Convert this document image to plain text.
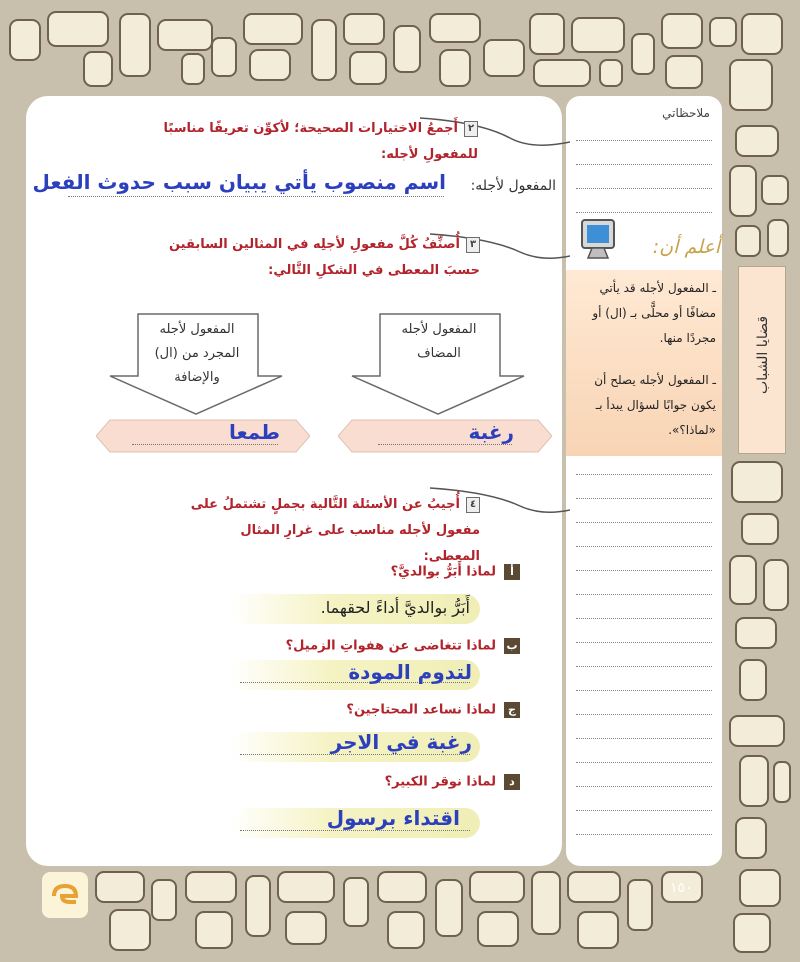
١٥٠
ملاحظاتي
أعلم أن:
ـ المفعول لأجله قد يأتي مضافًا أو محلًّى بـ (ال) أو مجردًا منها.
ـ المفعول لأجله يصلح أن يكون جوابًا لسؤال يبدأ بـ «لماذا؟».
قضايا الشباب
٢أَجمعُ الاختيارات الصحيحة؛ لأكوِّن تعريفًا مناسبًا للمفعولِ لأجله:
المفعول لأجله:
اسم منصوب يأتي يبيان سبب حدوث الفعل
٣أُصنِّفُ كُلَّ مفعولِ لأجلِه في المثالين السابقين حسبَ المعطى في الشكلِ التَّالي:
المفعول لأجله المضاف
المفعول لأجله المجرد من (ال) والإضافة
رغبة
طمعا
٤أُجيبُ عن الأسئلة التَّالية بجملٍ تشتملُ على مفعول لأجله مناسب على غرارِ المثال المعطى:
ألماذا أَبَرُّ بوالديَّ؟
أَبَرُّ بوالديَّ أداءً لحقهما.
بلماذا تتغاضى عن هفواتِ الزميل؟
لتدوم المودة
جلماذا نساعد المحتاجين؟
رغبة في الاجر
دلماذا نوقر الكبير؟
اقتداء برسول
